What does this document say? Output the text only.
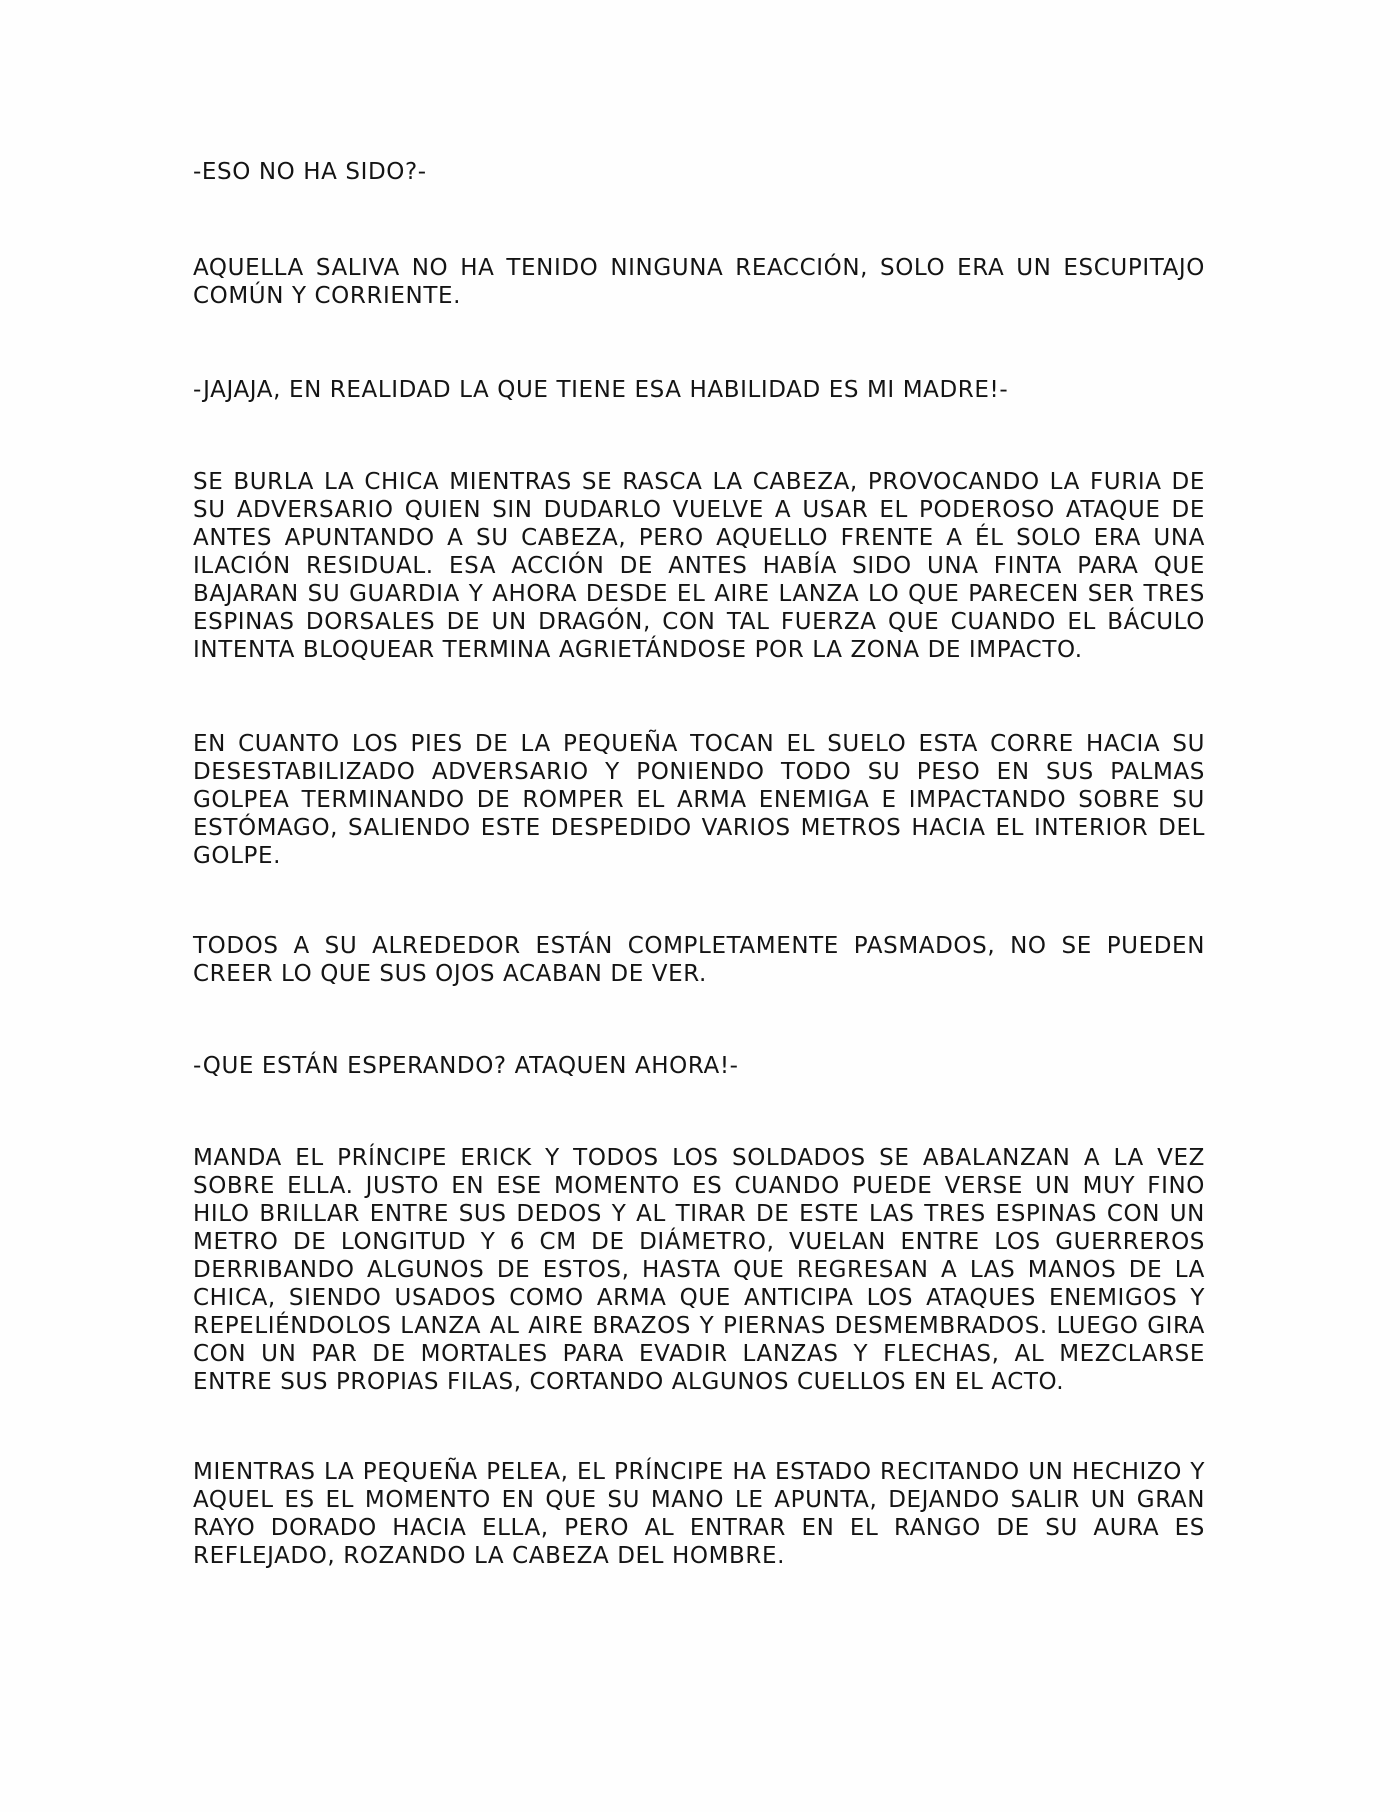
-ESO NO HA SIDO?-

AQUELLA SALIVA NO HA TENIDO NINGUNA REACCIÓN, SOLO ERA UN ESCUPITAJO COMÚN Y CORRIENTE.

-JAJAJA, EN REALIDAD LA QUE TIENE ESA HABILIDAD ES MI MADRE!-

SE BURLA LA CHICA MIENTRAS SE RASCA LA CABEZA, PROVOCANDO LA FURIA DE SU ADVERSARIO QUIEN SIN DUDARLO VUELVE A USAR EL PODEROSO ATAQUE DE ANTES APUNTANDO A SU CABEZA, PERO AQUELLO FRENTE A ÉL SOLO ERA UNA ILACIÓN RESIDUAL. ESA ACCIÓN DE ANTES HABÍA SIDO UNA FINTA PARA QUE BAJARAN SU GUARDIA Y AHORA DESDE EL AIRE LANZA LO QUE PARECEN SER TRES ESPINAS DORSALES DE UN DRAGÓN, CON TAL FUERZA QUE CUANDO EL BÁCULO INTENTA BLOQUEAR TERMINA AGRIETÁNDOSE POR LA ZONA DE IMPACTO.

EN CUANTO LOS PIES DE LA PEQUEÑA TOCAN EL SUELO ESTA CORRE HACIA SU DESESTABILIZADO ADVERSARIO Y PONIENDO TODO SU PESO EN SUS PALMAS GOLPEA TERMINANDO DE ROMPER EL ARMA ENEMIGA E IMPACTANDO SOBRE SU ESTÓMAGO, SALIENDO ESTE DESPEDIDO VARIOS METROS HACIA EL INTERIOR DEL GOLPE.

TODOS A SU ALREDEDOR ESTÁN COMPLETAMENTE PASMADOS, NO SE PUEDEN CREER LO QUE SUS OJOS ACABAN DE VER.

-QUE ESTÁN ESPERANDO? ATAQUEN AHORA!-

MANDA EL PRÍNCIPE ERICK Y TODOS LOS SOLDADOS SE ABALANZAN A LA VEZ SOBRE ELLA. JUSTO EN ESE MOMENTO ES CUANDO PUEDE VERSE UN MUY FINO HILO BRILLAR ENTRE SUS DEDOS Y AL TIRAR DE ESTE LAS TRES ESPINAS CON UN METRO DE LONGITUD Y 6 CM DE DIÁMETRO, VUELAN ENTRE LOS GUERREROS DERRIBANDO ALGUNOS DE ESTOS, HASTA QUE REGRESAN A LAS MANOS DE LA CHICA, SIENDO USADOS COMO ARMA QUE ANTICIPA LOS ATAQUES ENEMIGOS Y REPELIÉNDOLOS LANZA AL AIRE BRAZOS Y PIERNAS DESMEMBRADOS. LUEGO GIRA CON UN PAR DE MORTALES PARA EVADIR LANZAS Y FLECHAS, AL MEZCLARSE ENTRE SUS PROPIAS FILAS, CORTANDO ALGUNOS CUELLOS EN EL ACTO.

MIENTRAS LA PEQUEÑA PELEA, EL PRÍNCIPE HA ESTADO RECITANDO UN HECHIZO Y AQUEL ES EL MOMENTO EN QUE SU MANO LE APUNTA, DEJANDO SALIR UN GRAN RAYO DORADO HACIA ELLA, PERO AL ENTRAR EN EL RANGO DE SU AURA ES REFLEJADO, ROZANDO LA CABEZA DEL HOMBRE.
